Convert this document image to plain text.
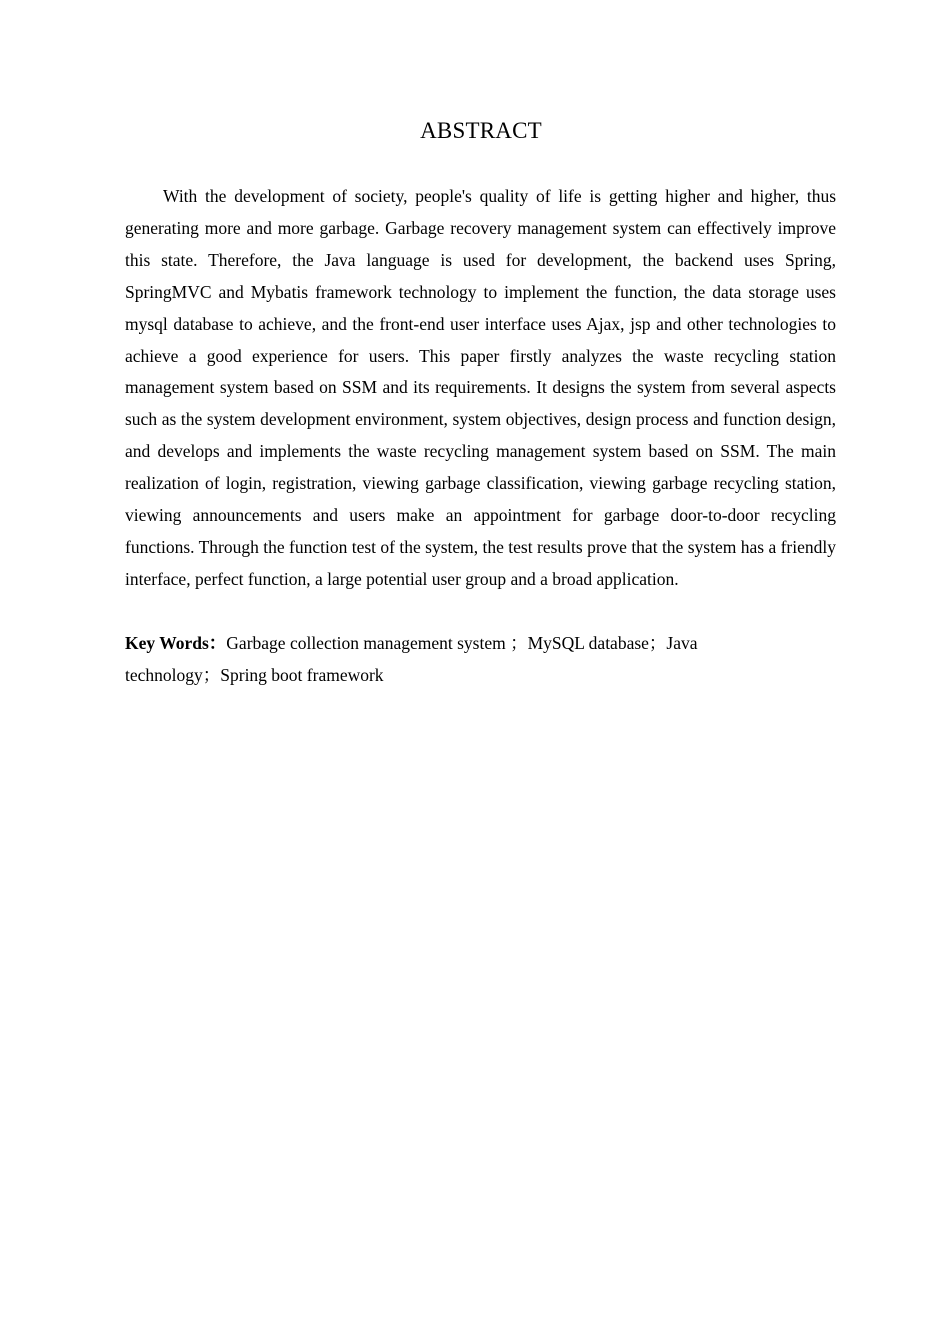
ABSTRACT

With the development of society, people's quality of life is getting higher and higher, thus generating more and more garbage. Garbage recovery management system can effectively improve this state. Therefore, the Java language is used for development, the backend uses Spring, SpringMVC and Mybatis framework technology to implement the function, the data storage uses mysql database to achieve, and the front-end user interface uses Ajax, jsp and other technologies to achieve a good experience for users. This paper firstly analyzes the waste recycling station management system based on SSM and its requirements. It designs the system from several aspects such as the system development environment, system objectives, design process and function design, and develops and implements the waste recycling management system based on SSM. The main realization of login, registration, viewing garbage classification, viewing garbage recycling station, viewing announcements and users make an appointment for garbage door-to-door recycling functions. Through the function test of the system, the test results prove that the system has a friendly interface, perfect function, a large potential user group and a broad application.

Key Words：Garbage collection management system ；MySQL database；Java
technology；Spring boot framework
